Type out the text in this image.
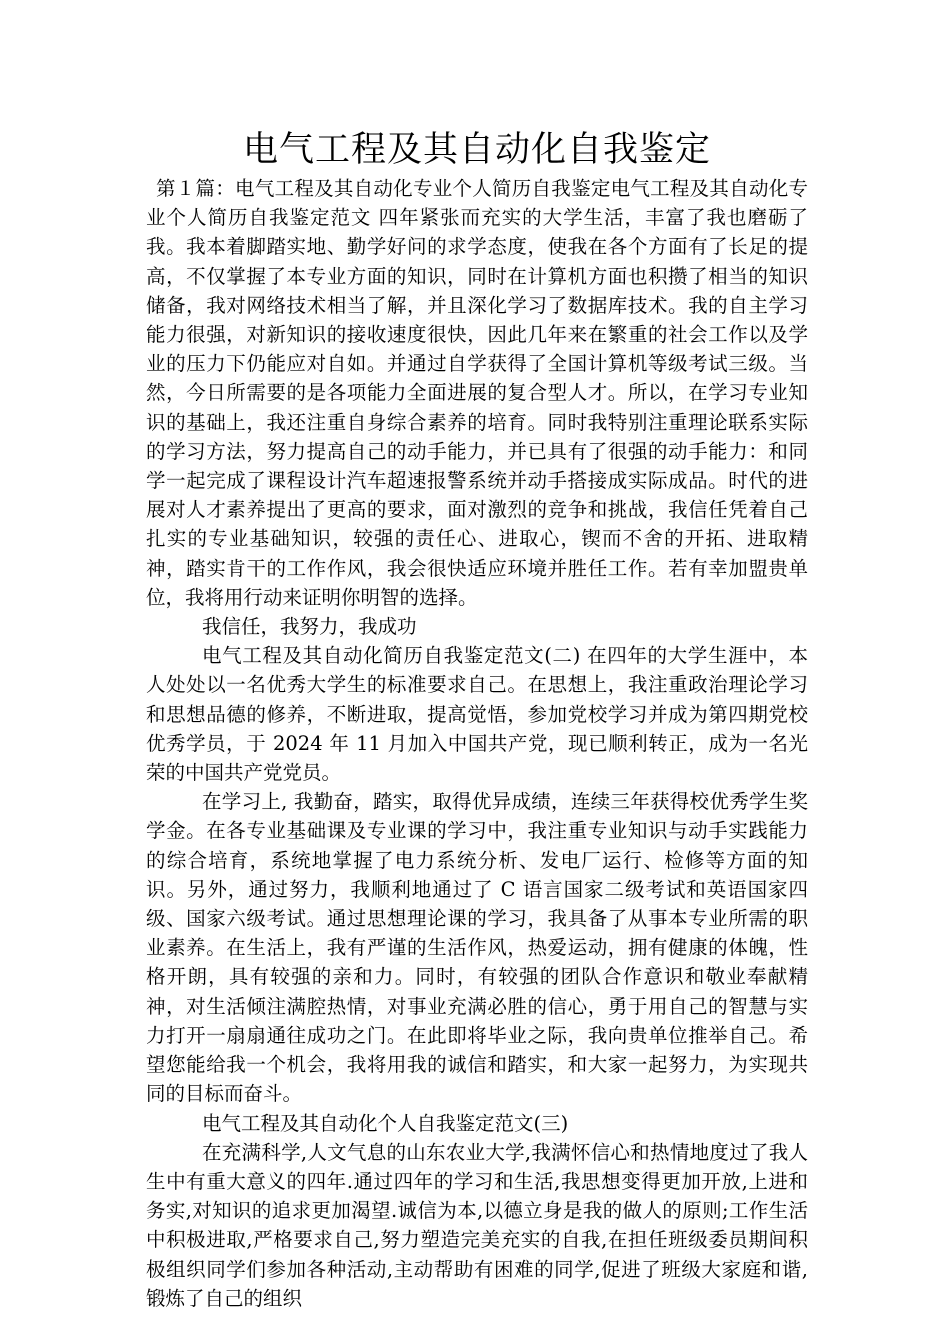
电气工程及其自动化自我鉴定

第１篇：电气工程及其自动化专业个人简历自我鉴定电气工程及其自动化专业个人简历自我鉴定范文 四年紧张而充实的大学生活，丰富了我也磨砺了我。我本着脚踏实地、勤学好问的求学态度，使我在各个方面有了长足的提高，不仅掌握了本专业方面的知识，同时在计算机方面也积攒了相当的知识储备，我对网络技术相当了解，并且深化学习了数据库技术。我的自主学习能力很强，对新知识的接收速度很快，因此几年来在繁重的社会工作以及学业的压力下仍能应对自如。并通过自学获得了全国计算机等级考试三级。当然，今日所需要的是各项能力全面进展的复合型人才。所以，在学习专业知识的基础上，我还注重自身综合素养的培育。同时我特别注重理论联系实际的学习方法，努力提高自己的动手能力，并已具有了很强的动手能力：和同学一起完成了课程设计汽车超速报警系统并动手搭接成实际成品。时代的进展对人才素养提出了更高的要求，面对激烈的竞争和挑战，我信任凭着自己扎实的专业基础知识，较强的责任心、进取心，锲而不舍的开拓、进取精神，踏实肯干的工作作风，我会很快适应环境并胜任工作。若有幸加盟贵单位，我将用行动来证明你明智的选择。

我信任，我努力，我成功

电气工程及其自动化简历自我鉴定范文(二) 在四年的大学生涯中，本人处处以一名优秀大学生的标准要求自己。在思想上，我注重政治理论学习和思想品德的修养，不断进取，提高觉悟，参加党校学习并成为第四期党校优秀学员，于 2024 年 11 月加入中国共产党，现已顺利转正，成为一名光荣的中国共产党党员。

在学习上, 我勤奋，踏实，取得优异成绩，连续三年获得校优秀学生奖学金。在各专业基础课及专业课的学习中，我注重专业知识与动手实践能力的综合培育，系统地掌握了电力系统分析、发电厂运行、检修等方面的知识。另外，通过努力，我顺利地通过了 C 语言国家二级考试和英语国家四级、国家六级考试。通过思想理论课的学习，我具备了从事本专业所需的职业素养。在生活上，我有严谨的生活作风，热爱运动，拥有健康的体魄，性格开朗，具有较强的亲和力。同时，有较强的团队合作意识和敬业奉献精神，对生活倾注满腔热情，对事业充满必胜的信心，勇于用自己的智慧与实力打开一扇扇通往成功之门。在此即将毕业之际，我向贵单位推举自己。希望您能给我一个机会，我将用我的诚信和踏实，和大家一起努力，为实现共同的目标而奋斗。

电气工程及其自动化个人自我鉴定范文(三)

在充满科学,人文气息的山东农业大学,我满怀信心和热情地度过了我人生中有重大意义的四年.通过四年的学习和生活,我思想变得更加开放,上进和务实,对知识的追求更加渴望.诚信为本,以德立身是我的做人的原则;工作生活中积极进取,严格要求自己,努力塑造完美充实的自我,在担任班级委员期间积极组织同学们参加各种活动,主动帮助有困难的同学,促进了班级大家庭和谐,锻炼了自己的组织
